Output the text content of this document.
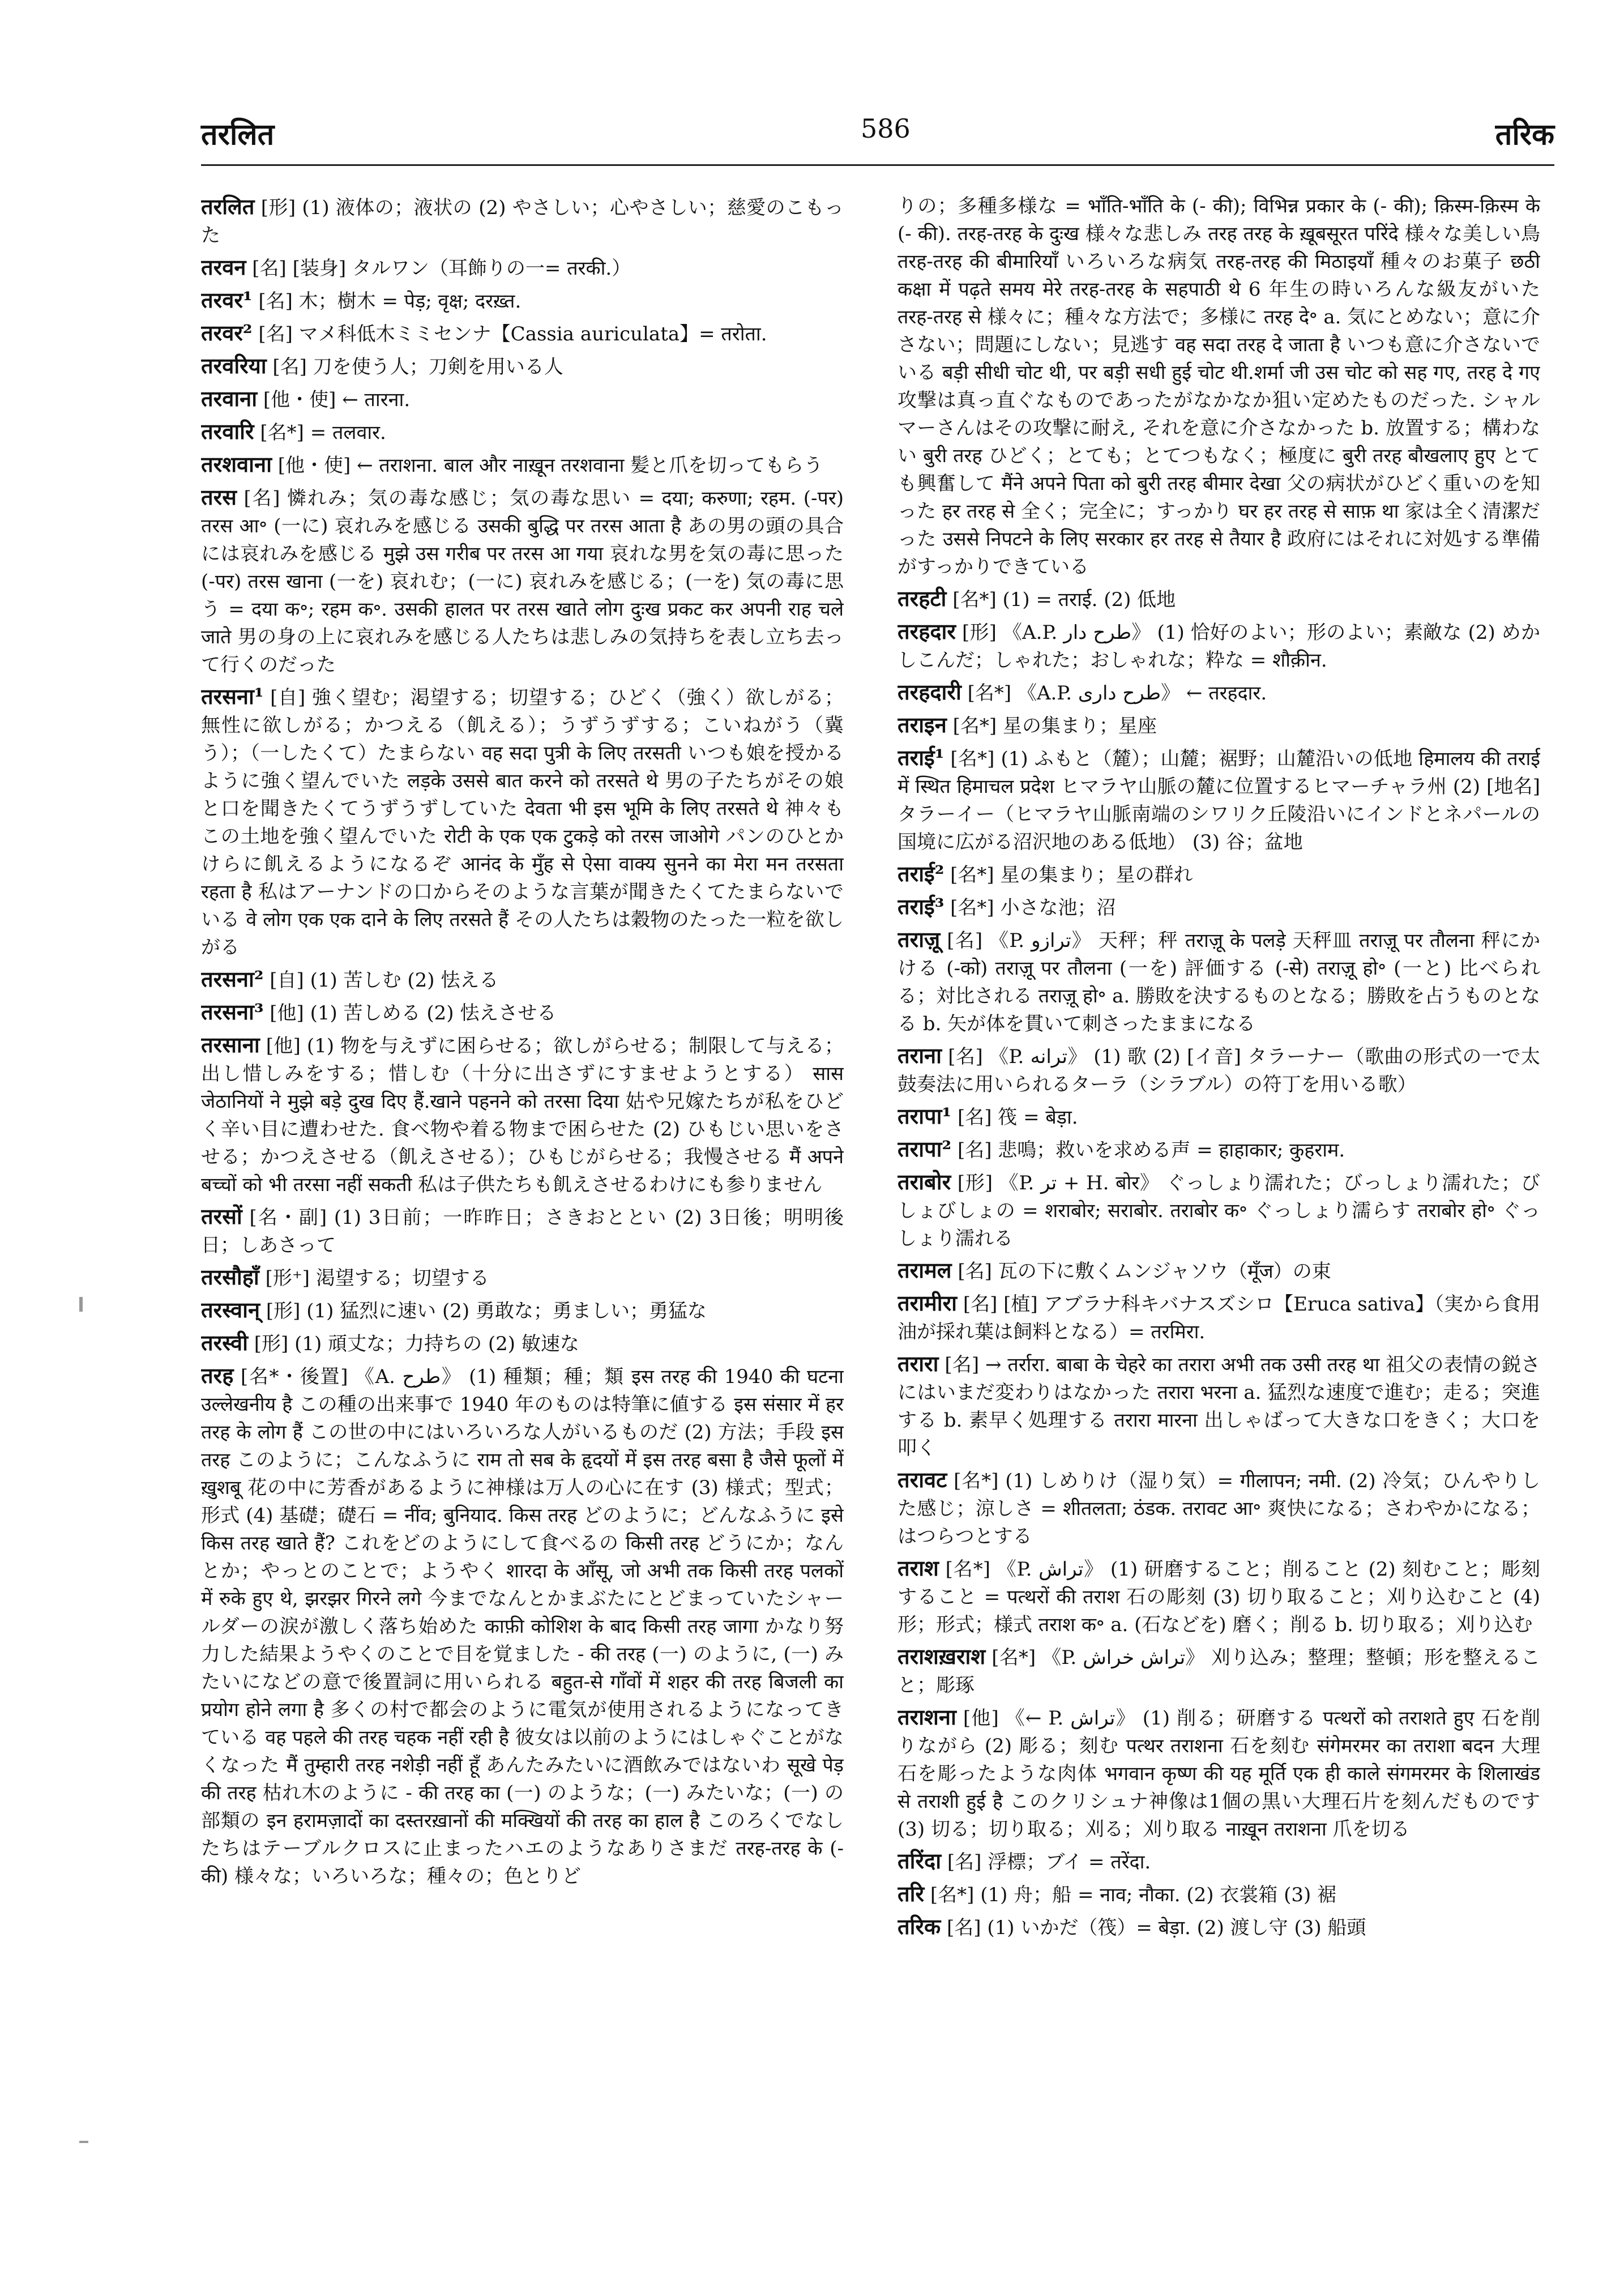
तरलित	586	तरिक

तरलित [形] (1) 液体の；液状の (2) やさしい；心やさしい；慈愛のこもった

तरवन [名] [装身] タルワン（耳飾りの一= तरकी.）

तरवर¹ [名] 木；樹木 = पेड़; वृक्ष; दरख़्त.

तरवर² [名] マメ科低木ミミセンナ【Cassia auriculata】= तरोता.

तरवरिया [名] 刀を使う人；刀剣を用いる人

तरवाना [他・使] ← तारना.

तरवारि [名*] = तलवार.

तरशवाना [他・使] ← तराशना. बाल और नाख़ून तरशवाना 髪と爪を切ってもらう

तरस [名] 憐れみ；気の毒な感じ；気の毒な思い = दया; करुणा; रहम. (-पर) तरस आ॰ (一に) 哀れみを感じる उसकी बुद्धि पर तरस आता है あの男の頭の具合には哀れみを感じる मुझे उस गरीब पर तरस आ गया 哀れな男を気の毒に思った (-पर) तरस खाना (一を) 哀れむ；(一に) 哀れみを感じる；(一を) 気の毒に思う = दया क॰; रहम क॰. उसकी हालत पर तरस खाते लोग दुःख प्रकट कर अपनी राह चले जाते 男の身の上に哀れみを感じる人たちは悲しみの気持ちを表し立ち去って行くのだった

तरसना¹ [自] 強く望む；渇望する；切望する；ひどく（強く）欲しがる；無性に欲しがる；かつえる（飢える）；うずうずする；こいねがう（冀う）；（一したくて）たまらない वह सदा पुत्री के लिए तरसती いつも娘を授かるように強く望んでいた लड़के उससे बात करने को तरसते थे 男の子たちがその娘と口を聞きたくてうずうずしていた देवता भी इस भूमि के लिए तरसते थे 神々もこの土地を強く望んでいた रोटी के एक एक टुकड़े को तरस जाओगे パンのひとかけらに飢えるようになるぞ आनंद के मुँह से ऐसा वाक्य सुनने का मेरा मन तरसता रहता है 私はアーナンドの口からそのような言葉が聞きたくてたまらないでいる वे लोग एक एक दाने के लिए तरसते हैं その人たちは穀物のたった一粒を欲しがる

तरसना² [自] (1) 苦しむ (2) 怯える

तरसना³ [他] (1) 苦しめる (2) 怯えさせる

तरसाना [他] (1) 物を与えずに困らせる；欲しがらせる；制限して与える；出し惜しみをする；惜しむ（十分に出さずにすませようとする） सास जेठानियों ने मुझे बड़े दुख दिए हैं.खाने पहनने को तरसा दिया 姑や兄嫁たちが私をひどく辛い目に遭わせた. 食べ物や着る物まで困らせた (2) ひもじい思いをさせる；かつえさせる（飢えさせる）；ひもじがらせる；我慢させる मैं अपने बच्चों को भी तरसा नहीं सकती 私は子供たちも飢えさせるわけにも参りません

तरसों [名・副] (1) 3日前；一昨昨日；さきおととい (2) 3日後；明明後日；しあさって

तरसौहाँ [形⁺] 渇望する；切望する

तरस्वान् [形] (1) 猛烈に速い (2) 勇敢な；勇ましい；勇猛な

तरस्वी [形] (1) 頑丈な；力持ちの (2) 敏速な

तरह [名*・後置] 《A. طرح》 (1) 種類；種；類 इस तरह की 1940 की घटना उल्लेखनीय है この種の出来事で 1940 年のものは特筆に値する इस संसार में हर तरह के लोग हैं この世の中にはいろいろな人がいるものだ (2) 方法；手段 इस तरह このように；こんなふうに राम तो सब के हृदयों में इस तरह बसा है जैसे फूलों में ख़ुशबू 花の中に芳香があるように神様は万人の心に在す (3) 様式；型式；形式 (4) 基礎；礎石 = नींव; बुनियाद. किस तरह どのように；どんなふうに इसे किस तरह खाते हैं? これをどのようにして食べるの किसी तरह どうにか；なんとか；やっとのことで；ようやく शारदा के आँसू, जो अभी तक किसी तरह पलकों में रुके हुए थे, झरझर गिरने लगे 今までなんとかまぶたにとどまっていたシャールダーの涙が激しく落ち始めた काफ़ी कोशिश के बाद किसी तरह जागा かなり努力した結果ようやくのことで目を覚ました - की तरह (一) のように, (一) みたいになどの意で後置詞に用いられる बहुत-से गाँवों में शहर की तरह बिजली का प्रयोग होने लगा है 多くの村で都会のように電気が使用されるようになってきている वह पहले की तरह चहक नहीं रही है 彼女は以前のようにはしゃぐことがなくなった मैं तुम्हारी तरह नशेड़ी नहीं हूँ あんたみたいに酒飲みではないわ सूखे पेड़ की तरह 枯れ木のように - की तरह का (一) のような；(一) みたいな；(一) の部類の इन हरामज़ादों का दस्तरख़ानों की मक्खियों की तरह का हाल है このろくでなしたちはテーブルクロスに止まったハエのようなありさまだ तरह-तरह के (- की) 様々な；いろいろな；種々の；色とりど

りの；多種多様な = भाँति-भाँति के (- की); विभिन्न प्रकार के (- की); क़िस्म-क़िस्म के (- की). तरह-तरह के दुःख 様々な悲しみ तरह तरह के ख़ूबसूरत परिंदे 様々な美しい鳥 तरह-तरह की बीमारियाँ いろいろな病気 तरह-तरह की मिठाइयाँ 種々のお菓子 छठी कक्षा में पढ़ते समय मेरे तरह-तरह के सहपाठी थे 6 年生の時いろんな級友がいた तरह-तरह से 様々に；種々な方法で；多様に तरह दे॰ a. 気にとめない；意に介さない；問題にしない；見逃す वह सदा तरह दे जाता है いつも意に介さないでいる बड़ी सीधी चोट थी, पर बड़ी सधी हुई चोट थी.शर्मा जी उस चोट को सह गए, तरह दे गए 攻撃は真っ直ぐなものであったがなかなか狙い定めたものだった. シャルマーさんはその攻撃に耐え, それを意に介さなかった b. 放置する；構わない बुरी तरह ひどく；とても；とてつもなく；極度に बुरी तरह बौखलाए हुए とても興奮して मैंने अपने पिता को बुरी तरह बीमार देखा 父の病状がひどく重いのを知った हर तरह से 全く；完全に；すっかり घर हर तरह से साफ़ था 家は全く清潔だった उससे निपटने के लिए सरकार हर तरह से तैयार है 政府にはそれに対処する準備がすっかりできている

तरहटी [名*] (1) = तराई. (2) 低地

तरहदार [形] 《A.P. طرح دار》 (1) 恰好のよい；形のよい；素敵な (2) めかしこんだ；しゃれた；おしゃれな；粋な = शौक़ीन.

तरहदारी [名*] 《A.P. طرح داری》 ← तरहदार.

तराइन [名*] 星の集まり；星座

तराई¹ [名*] (1) ふもと（麓）；山麓；裾野；山麓沿いの低地 हिमालय की तराई में स्थित हिमाचल प्रदेश ヒマラヤ山脈の麓に位置するヒマーチャラ州 (2) [地名] タラーイー（ヒマラヤ山脈南端のシワリク丘陵沿いにインドとネパールの国境に広がる沼沢地のある低地） (3) 谷；盆地

तराई² [名*] 星の集まり；星の群れ

तराई³ [名*] 小さな池；沼

तराज़ू [名] 《P. ترازو》 天秤；秤 तराज़ू के पलड़े 天秤皿 तराज़ू पर तौलना 秤にかける (-को) तराज़ू पर तौलना (一を) 評価する (-से) तराज़ू हो॰ (一と) 比べられる；対比される तराज़ू हो॰ a. 勝敗を決するものとなる；勝敗を占うものとなる b. 矢が体を貫いて刺さったままになる

तराना [名] 《P. ترانه》 (1) 歌 (2) [イ音] タラーナー（歌曲の形式の一で太鼓奏法に用いられるターラ（シラブル）の符丁を用いる歌）

तरापा¹ [名] 筏 = बेड़ा.

तरापा² [名] 悲鳴；救いを求める声 = हाहाकार; कुहराम.

तराबोर [形] 《P. تر + H. बोर》 ぐっしょり濡れた；びっしょり濡れた；びしょびしょの = शराबोर; सराबोर. तराबोर क॰ ぐっしょり濡らす तराबोर हो॰ ぐっしょり濡れる

तरामल [名] 瓦の下に敷くムンジャソウ（मूँज）の束

तरामीरा [名] [植] アブラナ科キバナスズシロ【Eruca sativa】（実から食用油が採れ葉は飼料となる）= तरमिरा.

तरारा [名] → तर्रारा. बाबा के चेहरे का तरारा अभी तक उसी तरह था 祖父の表情の鋭さにはいまだ変わりはなかった तरारा भरना a. 猛烈な速度で進む；走る；突進する b. 素早く処理する तरारा मारना 出しゃばって大きな口をきく；大口を叩く

तरावट [名*] (1) しめりけ（湿り気）= गीलापन; नमी. (2) 冷気；ひんやりした感じ；涼しさ = शीतलता; ठंडक. तरावट आ॰ 爽快になる；さわやかになる；はつらつとする

तराश [名*] 《P. تراش》 (1) 研磨すること；削ること (2) 刻むこと；彫刻すること = पत्थरों की तराश 石の彫刻 (3) 切り取ること；刈り込むこと (4) 形；形式；様式 तराश क॰ a. (石などを) 磨く；削る b. 切り取る；刈り込む

तराशख़राश [名*] 《P. تراش خراش》 刈り込み；整理；整頓；形を整えること；彫琢

तराशना [他] 《← P. تراش》 (1) 削る；研磨する पत्थरों को तराशते हुए 石を削りながら (2) 彫る；刻む पत्थर तराशना 石を刻む संगेमरमर का तराशा बदन 大理石を彫ったような肉体 भगवान कृष्ण की यह मूर्ति एक ही काले संगमरमर के शिलाखंड से तराशी हुई है このクリシュナ神像は1個の黒い大理石片を刻んだものです (3) 切る；切り取る；刈る；刈り取る नाख़ून तराशना 爪を切る

तरिंदा [名] 浮標；ブイ = तरेंदा.

तरि [名*] (1) 舟；船 = नाव; नौका. (2) 衣裳箱 (3) 裾

तरिक [名] (1) いかだ（筏）= बेड़ा. (2) 渡し守 (3) 船頭
